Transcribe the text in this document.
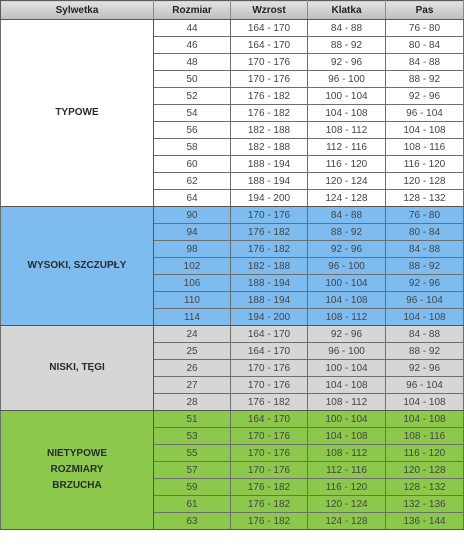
Sylwetka	Rozmiar	Wzrost	Klatka	Pas
TYPOWE	44	164 - 170	84 - 88	76 - 80
	46	164 - 170	88 - 92	80 - 84
	48	170 - 176	92 - 96	84 - 88
	50	170 - 176	96 - 100	88 - 92
	52	176 - 182	100 - 104	92 - 96
	54	176 - 182	104 - 108	96 - 104
	56	182 - 188	108 - 112	104 - 108
	58	182 - 188	112 - 116	108 - 116
	60	188 - 194	116 - 120	116 - 120
	62	188 - 194	120 - 124	120 - 128
	64	194 - 200	124 - 128	128 - 132
WYSOKI, SZCZUPŁY	90	170 - 176	84 - 88	76 - 80
	94	176 - 182	88 - 92	80 - 84
	98	176 - 182	92 - 96	84 - 88
	102	182 - 188	96 - 100	88 - 92
	106	188 - 194	100 - 104	92 - 96
	110	188 - 194	104 - 108	96 - 104
	114	194 - 200	108 - 112	104 - 108
NISKI, TĘGI	24	164 - 170	92 - 96	84 - 88
	25	164 - 170	96 - 100	88 - 92
	26	170 - 176	100 - 104	92 - 96
	27	170 - 176	104 - 108	96 - 104
	28	176 - 182	108 - 112	104 - 108

NIETYPOWE
ROZMIARY
BRZUCHA	51	164 - 170	100 - 104	104 - 108
	53	170 - 176	104 - 108	108 - 116
	55	170 - 176	108 - 112	116 - 120
	57	170 - 176	112 - 116	120 - 128
	59	176 - 182	116 - 120	128 - 132
	61	176 - 182	120 - 124	132 - 136
	63	176 - 182	124 - 128	136 - 144
